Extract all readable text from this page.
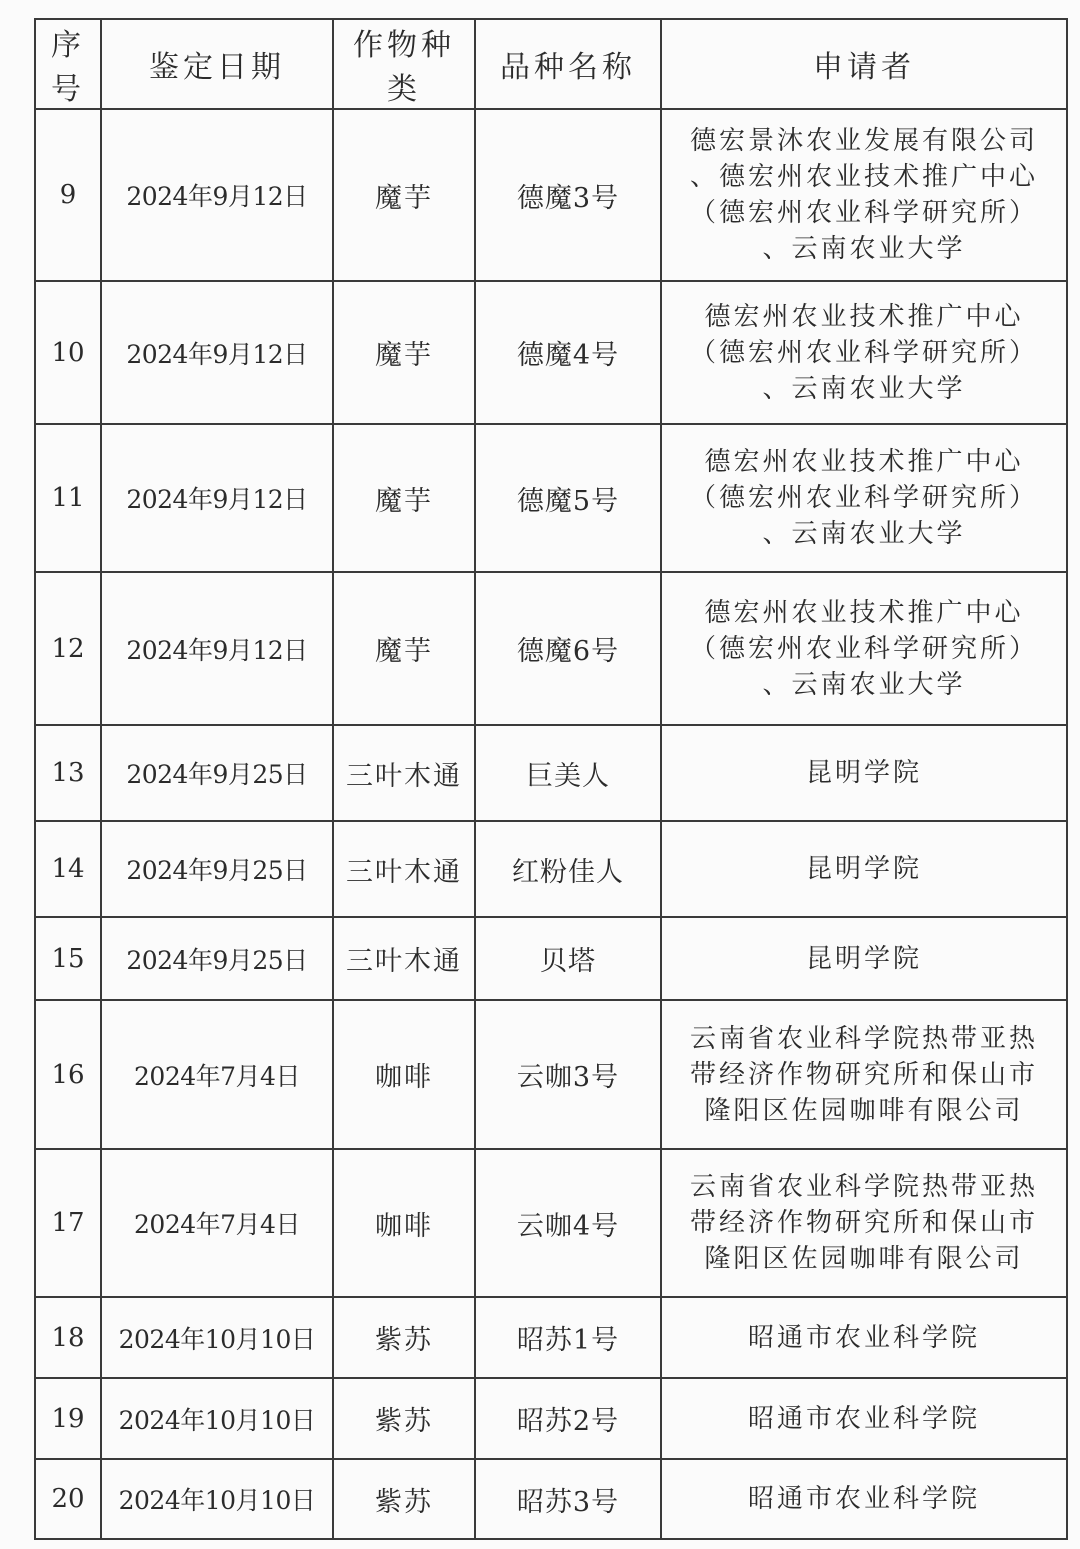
序号	鉴定日期	作物种类	品种名称	申请者
9	2024年9月12日	魔芋	德魔3号	德宏景沐农业发展有限公司
、德宏州农业技术推广中心
（德宏州农业科学研究所）
、云南农业大学
10	2024年9月12日	魔芋	德魔4号	德宏州农业技术推广中心
（德宏州农业科学研究所）
、云南农业大学
11	2024年9月12日	魔芋	德魔5号	德宏州农业技术推广中心
（德宏州农业科学研究所）
、云南农业大学
12	2024年9月12日	魔芋	德魔6号	德宏州农业技术推广中心
（德宏州农业科学研究所）
、云南农业大学
13	2024年9月25日	三叶木通	巨美人	昆明学院
14	2024年9月25日	三叶木通	红粉佳人	昆明学院
15	2024年9月25日	三叶木通	贝塔	昆明学院
16	2024年7月4日	咖啡	云咖3号	云南省农业科学院热带亚热
带经济作物研究所和保山市
隆阳区佐园咖啡有限公司
17	2024年7月4日	咖啡	云咖4号	云南省农业科学院热带亚热
带经济作物研究所和保山市
隆阳区佐园咖啡有限公司
18	2024年10月10日	紫苏	昭苏1号	昭通市农业科学院
19	2024年10月10日	紫苏	昭苏2号	昭通市农业科学院
20	2024年10月10日	紫苏	昭苏3号	昭通市农业科学院
